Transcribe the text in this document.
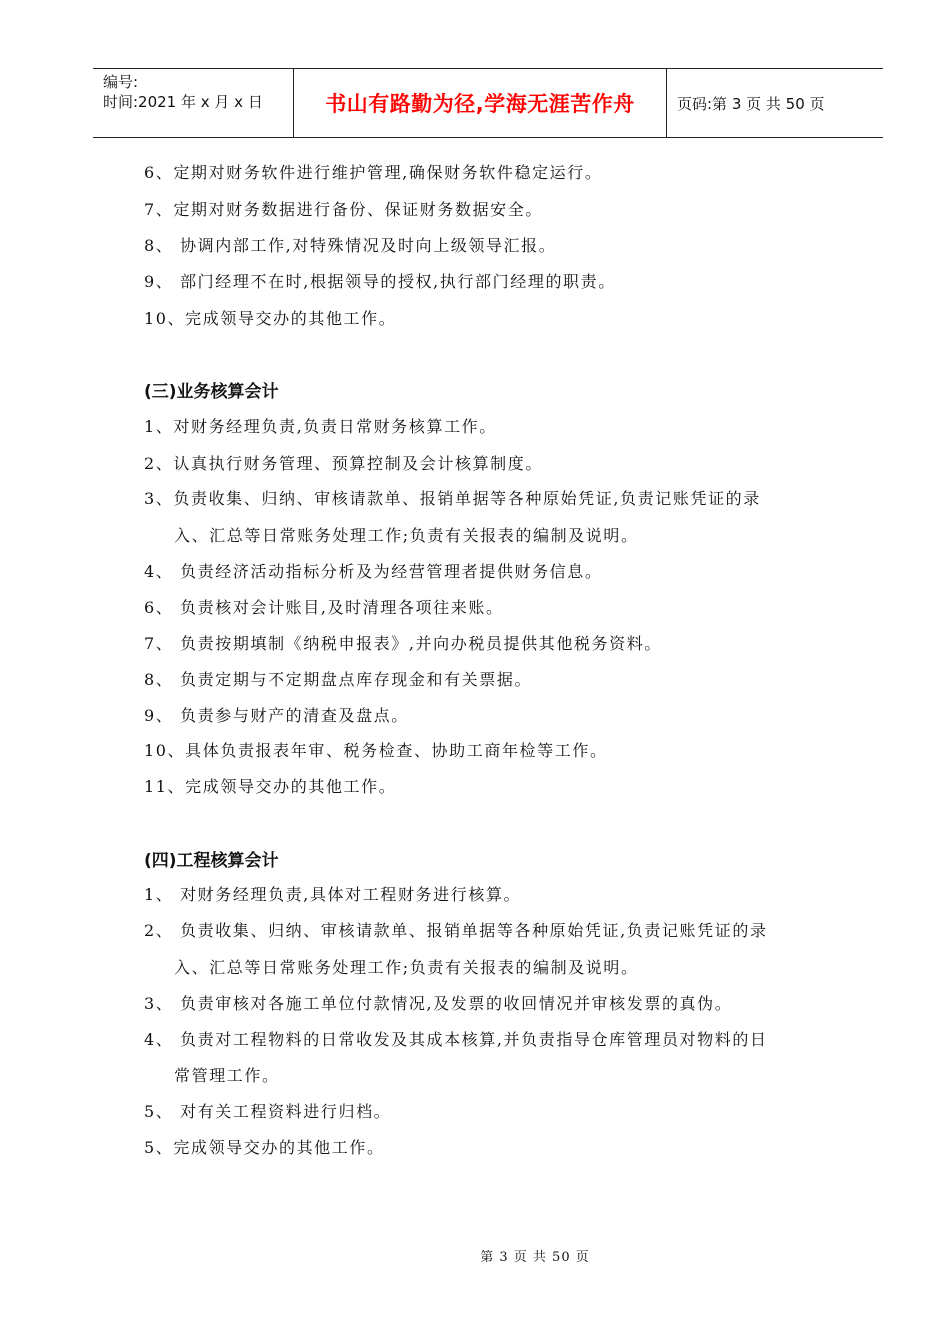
编号:
时间:2021 年 x 月 x 日	书山有路勤为径,学海无涯苦作舟	页码:第 3 页 共 50 页
6、定期对财务软件进行维护管理,确保财务软件稳定运行。
7、定期对财务数据进行备份、保证财务数据安全。
8、 协调内部工作,对特殊情况及时向上级领导汇报。
9、 部门经理不在时,根据领导的授权,执行部门经理的职责。
10、完成领导交办的其他工作。
(三)业务核算会计
1、对财务经理负责,负责日常财务核算工作。
2、认真执行财务管理、预算控制及会计核算制度。
3、负责收集、归纳、审核请款单、报销单据等各种原始凭证,负责记账凭证的录
入、汇总等日常账务处理工作;负责有关报表的编制及说明。
4、 负责经济活动指标分析及为经营管理者提供财务信息。
6、 负责核对会计账目,及时清理各项往来账。
7、 负责按期填制《纳税申报表》,并向办税员提供其他税务资料。
8、 负责定期与不定期盘点库存现金和有关票据。
9、 负责参与财产的清查及盘点。
10、具体负责报表年审、税务检查、协助工商年检等工作。
11、完成领导交办的其他工作。
(四)工程核算会计
1、 对财务经理负责,具体对工程财务进行核算。
2、 负责收集、归纳、审核请款单、报销单据等各种原始凭证,负责记账凭证的录
入、汇总等日常账务处理工作;负责有关报表的编制及说明。
3、 负责审核对各施工单位付款情况,及发票的收回情况并审核发票的真伪。
4、 负责对工程物料的日常收发及其成本核算,并负责指导仓库管理员对物料的日
常管理工作。
5、 对有关工程资料进行归档。
5、完成领导交办的其他工作。
第 3 页 共 50 页
